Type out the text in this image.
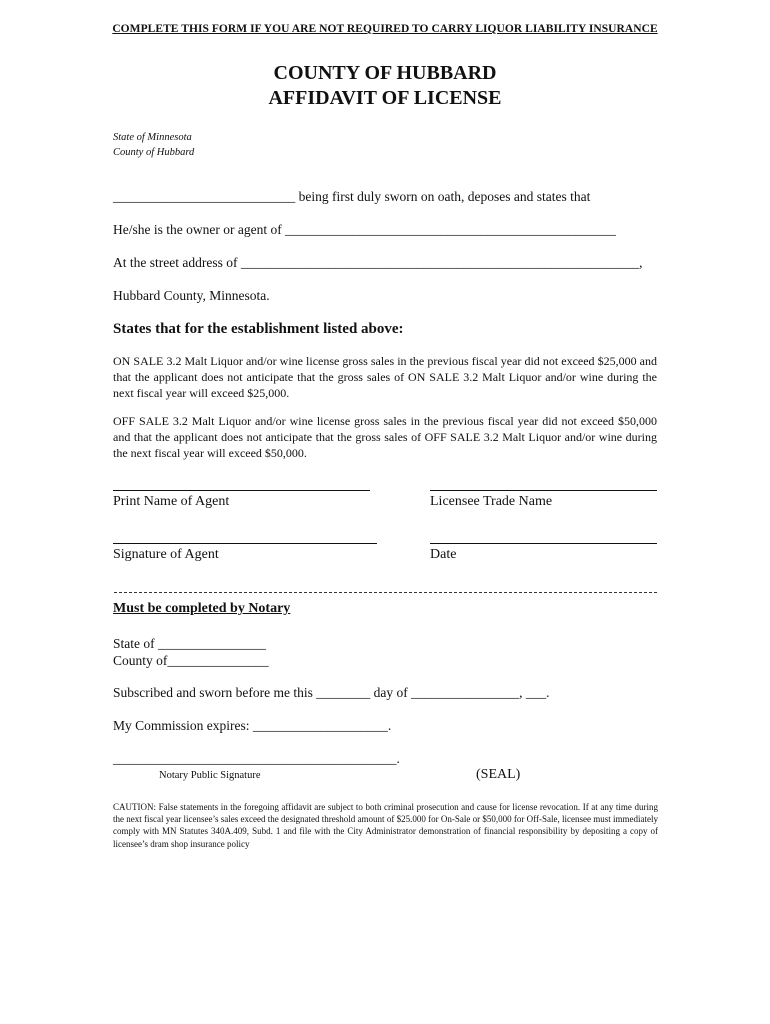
COMPLETE THIS FORM IF YOU ARE NOT REQUIRED TO CARRY LIQUOR LIABILITY INSURANCE
COUNTY OF HUBBARD
AFFIDAVIT OF LICENSE
State of Minnesota
County of Hubbard
___________________________ being first duly sworn on oath, deposes and states that
He/she is the owner or agent of _________________________________________________
At the street address of ___________________________________________________________,
Hubbard County, Minnesota.
States that for the establishment listed above:
ON SALE 3.2 Malt Liquor and/or wine license gross sales in the previous fiscal year did not exceed $25,000 and that the applicant does not anticipate that the gross sales of ON SALE 3.2 Malt Liquor and/or wine during the next fiscal year will exceed $25,000.
OFF SALE 3.2 Malt Liquor and/or wine license gross sales in the previous fiscal year did not exceed $50,000 and that the applicant does not anticipate that the gross sales of OFF SALE 3.2 Malt Liquor and/or wine during the next fiscal year will exceed $50,000.
Print Name of Agent	Licensee Trade Name
Signature of Agent	Date
Must be completed by Notary
State of ________________
County of_______________
Subscribed and sworn before me this ________ day of ________________, ___.
My Commission expires: ____________________.
__________________________________________.
Notary Public Signature	(SEAL)
CAUTION: False statements in the foregoing affidavit are subject to both criminal prosecution and cause for license revocation. If at any time during the next fiscal year licensee’s sales exceed the designated threshold amount of $25.000 for On-Sale or $50,000 for Off-Sale, licensee must immediately comply with MN Statutes 340A.409, Subd. 1 and file with the City Administrator demonstration of financial responsibility by depositing a copy of licensee’s dram shop insurance policy
